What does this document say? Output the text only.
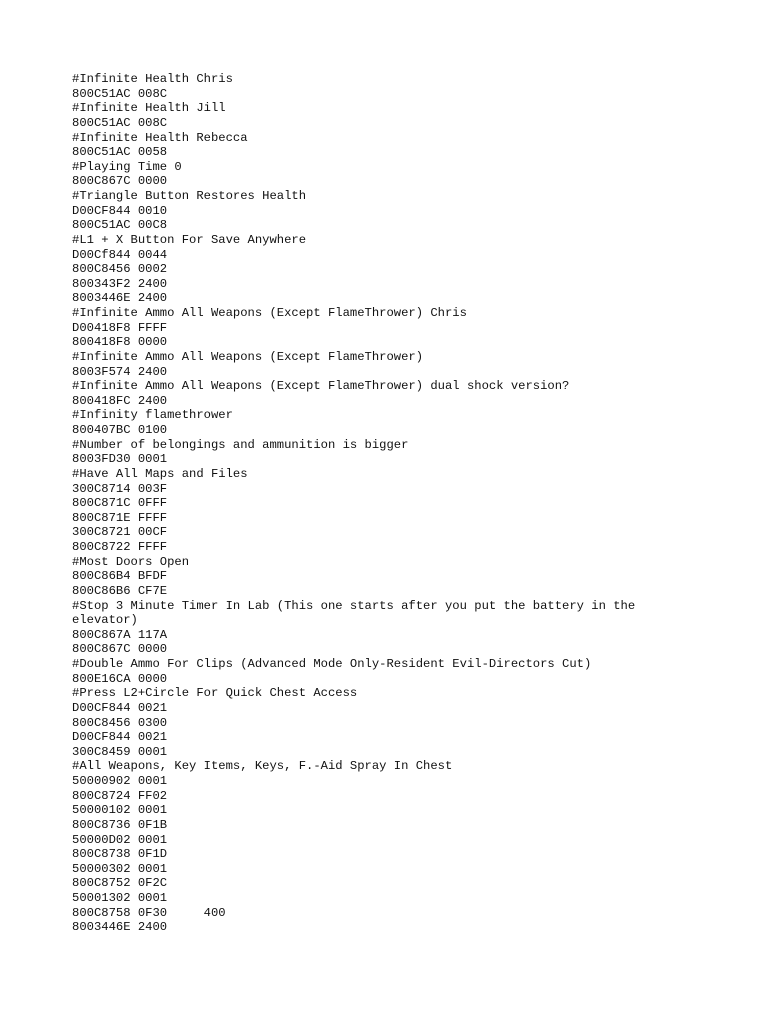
#Infinite Health Chris
800C51AC 008C
#Infinite Health Jill
800C51AC 008C
#Infinite Health Rebecca
800C51AC 0058
#Playing Time 0
800C867C 0000
#Triangle Button Restores Health
D00CF844 0010
800C51AC 00C8
#L1 + X Button For Save Anywhere
D00Cf844 0044
800C8456 0002
800343F2 2400
8003446E 2400
#Infinite Ammo All Weapons (Except FlameThrower) Chris
D00418F8 FFFF
800418F8 0000
#Infinite Ammo All Weapons (Except FlameThrower)
8003F574 2400
#Infinite Ammo All Weapons (Except FlameThrower) dual shock version?
800418FC 2400
#Infinity flamethrower
800407BC 0100
#Number of belongings and ammunition is bigger
8003FD30 0001
#Have All Maps and Files
300C8714 003F
800C871C 0FFF
800C871E FFFF
300C8721 00CF
800C8722 FFFF
#Most Doors Open
800C86B4 BFDF
800C86B6 CF7E
#Stop 3 Minute Timer In Lab (This one starts after you put the battery in the elevator)
800C867A 117A
800C867C 0000
#Double Ammo For Clips (Advanced Mode Only-Resident Evil-Directors Cut)
800E16CA 0000
#Press L2+Circle For Quick Chest Access
D00CF844 0021
800C8456 0300
D00CF844 0021
300C8459 0001
#All Weapons, Key Items, Keys, F.-Aid Spray In Chest
50000902 0001
800C8724 FF02
50000102 0001
800C8736 0F1B
50000D02 0001
800C8738 0F1D
50000302 0001
800C8752 0F2C
50001302 0001
800C8758 0F30     400
8003446E 2400
